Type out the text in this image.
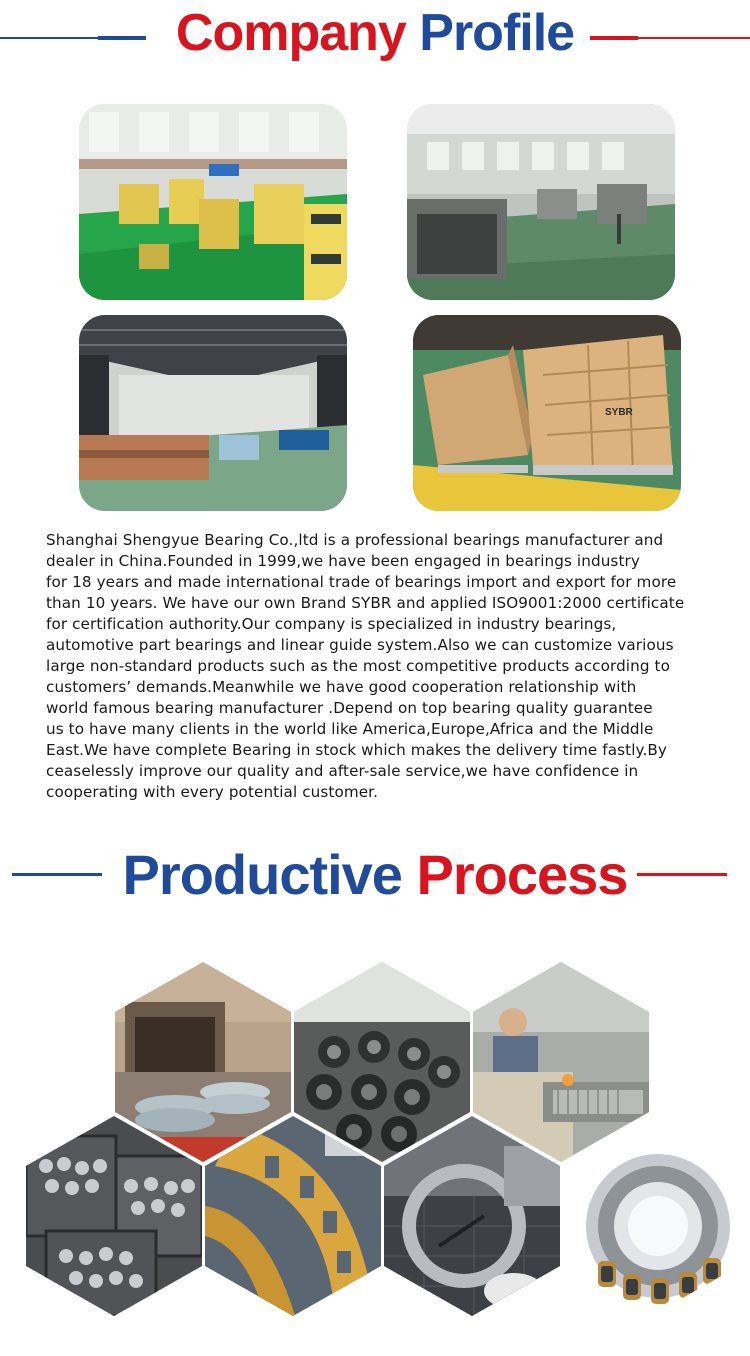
Company Profile
SYBR
Shanghai Shengyue Bearing Co.,ltd is a professional bearings manufacturer and
dealer in China.Founded in 1999,we have been engaged in bearings industry
for 18 years and made international trade of bearings import and export for more
than 10 years. We have our own Brand SYBR and applied ISO9001:2000 certificate
for certification authority.Our company is specialized in industry bearings,
automotive part bearings and linear guide system.Also we can customize various
large non-standard products such as the most competitive products according to
customers’ demands.Meanwhile we have good cooperation relationship with
world famous bearing manufacturer .Depend on top bearing quality guarantee
us to have many clients in the world like America,Europe,Africa and the Middle
East.We have complete Bearing in stock which makes the delivery time fastly.By
ceaselessly improve our quality and after-sale service,we have confidence in
cooperating with every potential customer.
Productive Process
